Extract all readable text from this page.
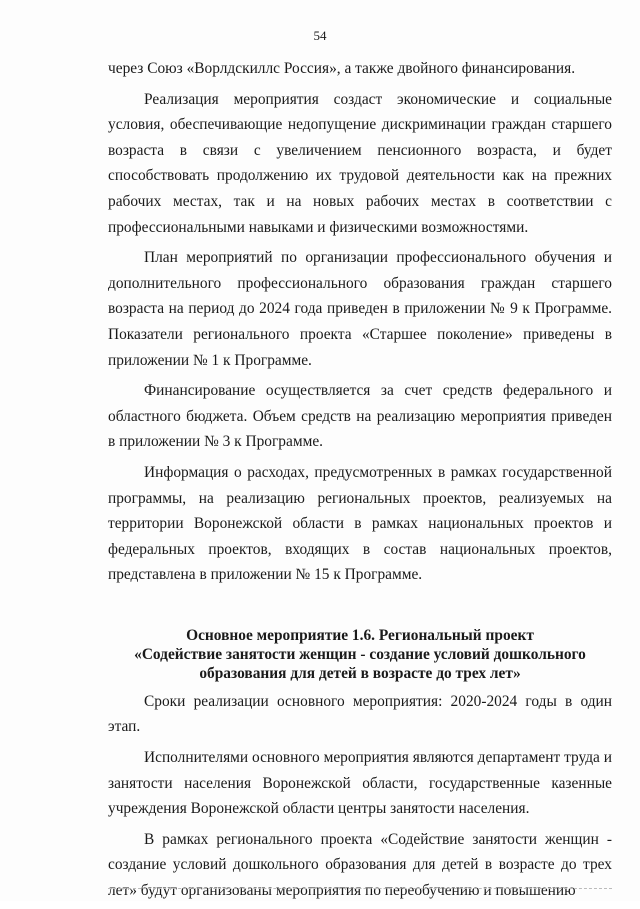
54

через Союз «Ворлдскиллс Россия», а также двойного финансирования.

Реализация мероприятия создаст экономические и социальные условия, обеспечивающие недопущение дискриминации граждан старшего возраста в связи с увеличением пенсионного возраста, и будет способствовать продолжению их трудовой деятельности как на прежних рабочих местах, так и на новых рабочих местах в соответствии с профессиональными навыками и физическими возможностями.

План мероприятий по организации профессионального обучения и дополнительного профессионального образования граждан старшего возраста на период до 2024 года приведен в приложении № 9 к Программе. Показатели регионального проекта «Старшее поколение» приведены в приложении № 1 к Программе.

Финансирование осуществляется за счет средств федерального и областного бюджета. Объем средств на реализацию мероприятия приведен в приложении № 3 к Программе.

Информация о расходах, предусмотренных в рамках государственной программы, на реализацию региональных проектов, реализуемых на территории Воронежской области в рамках национальных проектов и федеральных проектов, входящих в состав национальных проектов, представлена в приложении № 15 к Программе.

Основное мероприятие 1.6. Региональный проект
«Содействие занятости женщин - создание условий дошкольного
образования для детей в возрасте до трех лет»

Сроки реализации основного мероприятия: 2020-2024 годы в один этап.

Исполнителями основного мероприятия являются департамент труда и занятости населения Воронежской области, государственные казенные учреждения Воронежской области центры занятости населения.

В рамках регионального проекта «Содействие занятости женщин - создание условий дошкольного образования для детей в возрасте до трех лет» будут организованы мероприятия по переобучению и повышению
